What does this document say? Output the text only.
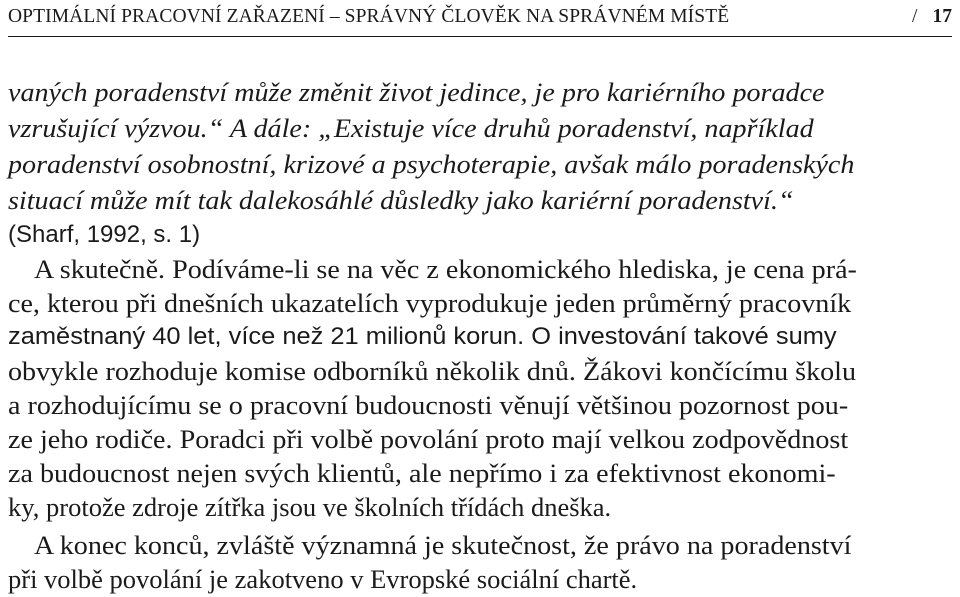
OPTIMÁLNÍ PRACOVNÍ ZAŘAZENÍ – SPRÁVNÝ ČLOVĚK NA SPRÁVNÉM MÍSTĚ	/ 17
vaných poradenství může změnit život jedince, je pro kariérního poradce
vzrušující výzvou.“ A dále: „Existuje více druhů poradenství, například
poradenství osobnostní, krizové a psychoterapie, avšak málo poradenských
situací může mít tak dalekosáhlé důsledky jako kariérní poradenství.“
(Sharf, 1992, s. 1)
A skutečně. Podíváme-li se na věc z ekonomického hlediska, je cena prá-
ce, kterou při dnešních ukazatelích vyprodukuje jeden průměrný pracovník
zaměstnaný 40 let, více než 21 milionů korun. O investování takové sumy
obvykle rozhoduje komise odborníků několik dnů. Žákovi končícímu školu
a rozhodujícímu se o pracovní budoucnosti věnují většinou pozornost pou-
ze jeho rodiče. Poradci při volbě povolání proto mají velkou zodpovědnost
za budoucnost nejen svých klientů, ale nepřímo i za efektivnost ekonomi-
ky, protože zdroje zítřka jsou ve školních třídách dneška.
A konec konců, zvláště významná je skutečnost, že právo na poradenství
při volbě povolání je zakotveno v Evropské sociální chartě.
